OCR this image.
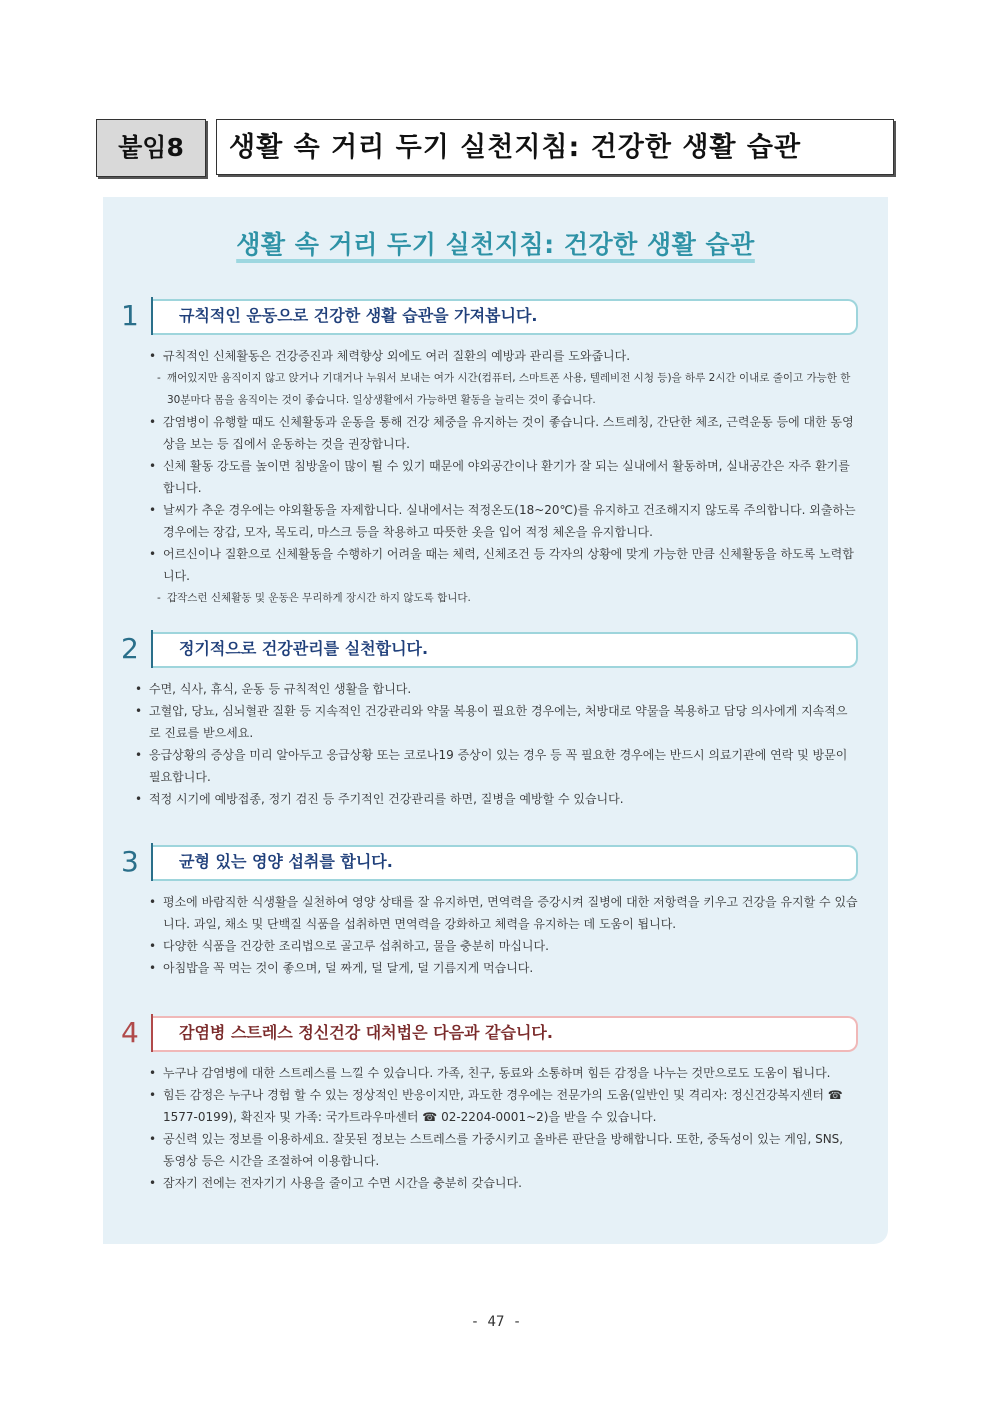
붙임8	생활 속 거리 두기 실천지침: 건강한 생활 습관
생활 속 거리 두기 실천지침: 건강한 생활 습관
1	규칙적인 운동으로 건강한 생활 습관을 가져봅니다.
• 규칙적인 신체활동은 건강증진과 체력향상 외에도 여러 질환의 예방과 관리를 도와줍니다.
- 깨어있지만 움직이지 않고 앉거나 기대거나 누워서 보내는 여가 시간(컴퓨터, 스마트폰 사용, 텔레비전 시청 등)을 하루 2시간 이내로 줄이고 가능한 한 30분마다 몸을 움직이는 것이 좋습니다. 일상생활에서 가능하면 활동을 늘리는 것이 좋습니다.
• 감염병이 유행할 때도 신체활동과 운동을 통해 건강 체중을 유지하는 것이 좋습니다. 스트레칭, 간단한 체조, 근력운동 등에 대한 동영상을 보는 등 집에서 운동하는 것을 권장합니다.
• 신체 활동 강도를 높이면 침방울이 많이 튈 수 있기 때문에 야외공간이나 환기가 잘 되는 실내에서 활동하며, 실내공간은 자주 환기를 합니다.
• 날씨가 추운 경우에는 야외활동을 자제합니다. 실내에서는 적정온도(18~20℃)를 유지하고 건조해지지 않도록 주의합니다. 외출하는 경우에는 장갑, 모자, 목도리, 마스크 등을 착용하고 따뜻한 옷을 입어 적정 체온을 유지합니다.
• 어르신이나 질환으로 신체활동을 수행하기 어려울 때는 체력, 신체조건 등 각자의 상황에 맞게 가능한 만큼 신체활동을 하도록 노력합니다.
- 갑작스런 신체활동 및 운동은 무리하게 장시간 하지 않도록 합니다.
2	정기적으로 건강관리를 실천합니다.
• 수면, 식사, 휴식, 운동 등 규칙적인 생활을 합니다.
• 고혈압, 당뇨, 심뇌혈관 질환 등 지속적인 건강관리와 약물 복용이 필요한 경우에는, 처방대로 약물을 복용하고 담당 의사에게 지속적으로 진료를 받으세요.
• 응급상황의 증상을 미리 알아두고 응급상황 또는 코로나19 증상이 있는 경우 등 꼭 필요한 경우에는 반드시 의료기관에 연락 및 방문이 필요합니다.
• 적정 시기에 예방접종, 정기 검진 등 주기적인 건강관리를 하면, 질병을 예방할 수 있습니다.
3	균형 있는 영양 섭취를 합니다.
• 평소에 바람직한 식생활을 실천하여 영양 상태를 잘 유지하면, 면역력을 증강시켜 질병에 대한 저항력을 키우고 건강을 유지할 수 있습니다. 과일, 채소 및 단백질 식품을 섭취하면 면역력을 강화하고 체력을 유지하는 데 도움이 됩니다.
• 다양한 식품을 건강한 조리법으로 골고루 섭취하고, 물을 충분히 마십니다.
• 아침밥을 꼭 먹는 것이 좋으며, 덜 짜게, 덜 달게, 덜 기름지게 먹습니다.
4	감염병 스트레스 정신건강 대처법은 다음과 같습니다.
• 누구나 감염병에 대한 스트레스를 느낄 수 있습니다. 가족, 친구, 동료와 소통하며 힘든 감정을 나누는 것만으로도 도움이 됩니다.
• 힘든 감정은 누구나 경험 할 수 있는 정상적인 반응이지만, 과도한 경우에는 전문가의 도움(일반인 및 격리자: 정신건강복지센터 ☎ 1577-0199), 확진자 및 가족: 국가트라우마센터 ☎ 02-2204-0001~2)을 받을 수 있습니다.
• 공신력 있는 정보를 이용하세요. 잘못된 정보는 스트레스를 가중시키고 올바른 판단을 방해합니다. 또한, 중독성이 있는 게임, SNS, 동영상 등은 시간을 조절하여 이용합니다.
• 잠자기 전에는 전자기기 사용을 줄이고 수면 시간을 충분히 갖습니다.
- 47 -
